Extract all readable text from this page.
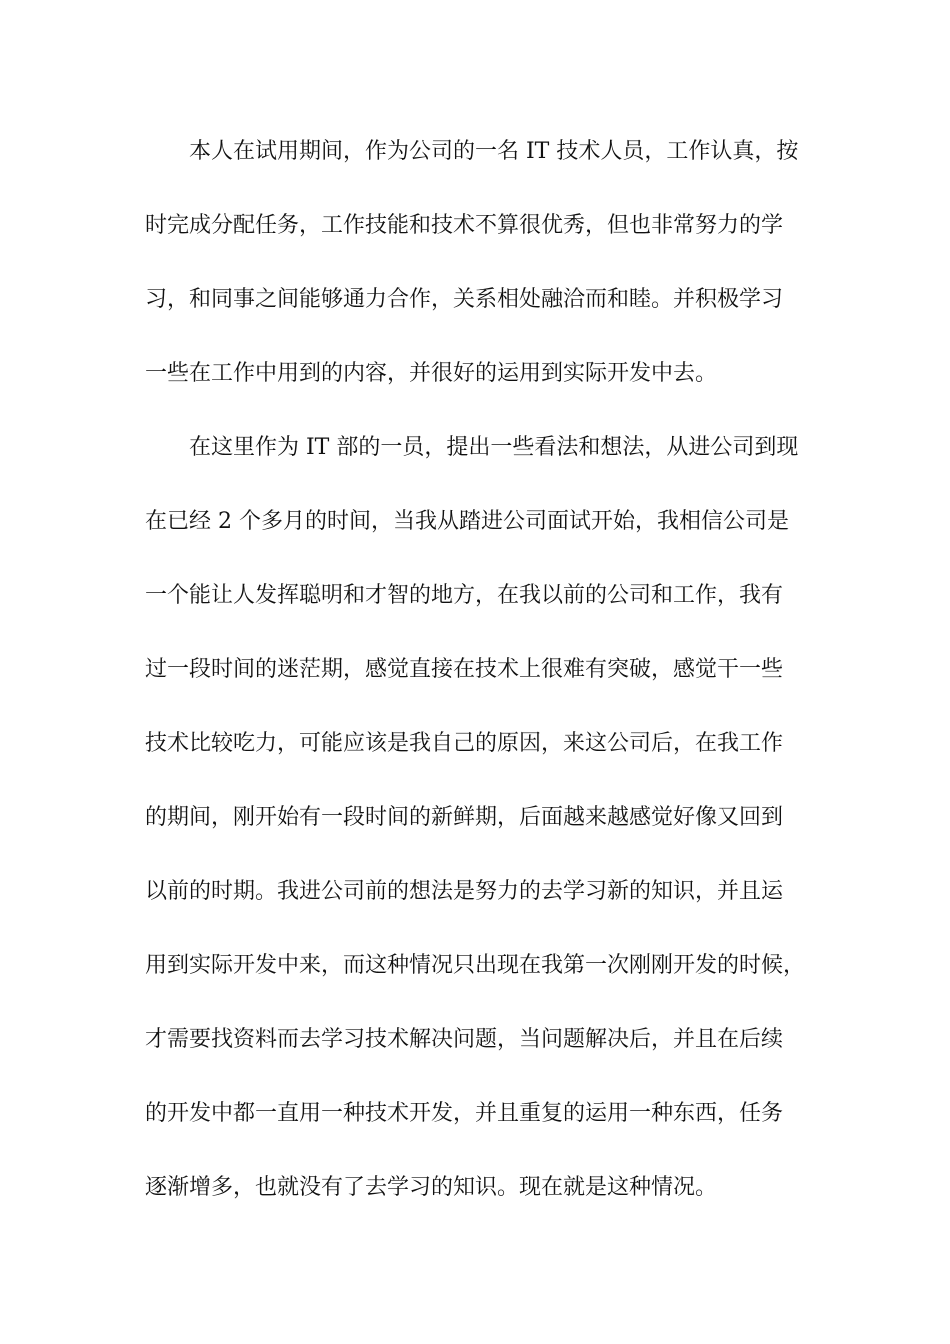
本人在试用期间，作为公司的一名 IT 技术人员，工作认真，按
时完成分配任务，工作技能和技术不算很优秀，但也非常努力的学
习，和同事之间能够通力合作，关系相处融洽而和睦。并积极学习
一些在工作中用到的内容，并很好的运用到实际开发中去。
在这里作为 IT 部的一员，提出一些看法和想法，从进公司到现
在已经 2 个多月的时间，当我从踏进公司面试开始，我相信公司是
一个能让人发挥聪明和才智的地方，在我以前的公司和工作，我有
过一段时间的迷茫期，感觉直接在技术上很难有突破，感觉干一些
技术比较吃力，可能应该是我自己的原因，来这公司后，在我工作
的期间，刚开始有一段时间的新鲜期，后面越来越感觉好像又回到
以前的时期。我进公司前的想法是努力的去学习新的知识，并且运
用到实际开发中来，而这种情况只出现在我第一次刚刚开发的时候，
才需要找资料而去学习技术解决问题，当问题解决后，并且在后续
的开发中都一直用一种技术开发，并且重复的运用一种东西，任务
逐渐增多，也就没有了去学习的知识。现在就是这种情况。
